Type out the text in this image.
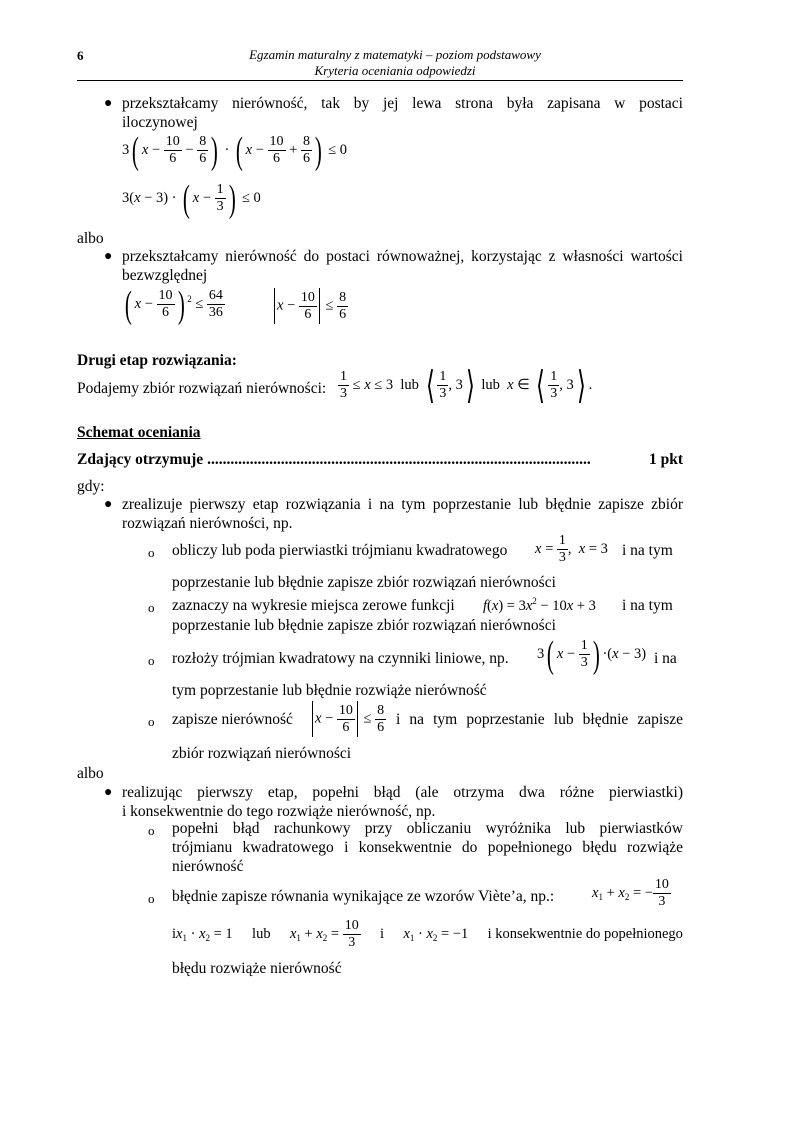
6	Egzamin maturalny z matematyki – poziom podstawowy
Kryteria oceniania odpowiedzi
● przekształcamy nierówność, tak by jej lewa strona była zapisana w postaci
iloczynowej
3( $x - \frac{10}{6} - \frac{8}{6}$ ) · ( $x - \frac{10}{6} + \frac{8}{6}$ ) ≤ 0
3(x − 3) · ( $x - \frac{1}{3}$ ) ≤ 0
albo
● przekształcamy nierówność do postaci równoważnej, korzystając z własności wartości
bezwzględnej
( $x - \frac{10}{6}$ ) $^2 \le \frac{64}{36}$	$x - \frac{10}{6} \le \frac{8}{6}$
Drugi etap rozwiązania:
Podajemy zbiór rozwiązań nierówności: $\frac{1}{3} \le x \le 3$  lub ⟨ $\frac{1}{3}$ , 3⟩ lub x ∈ ⟨ $\frac{1}{3}$ , 3⟩ .
Schemat oceniania
Zdający otrzymuje ...................................................................................................	1 pkt
gdy:
● zrealizuje pierwszy etap rozwiązania i na tym poprzestanie lub błędnie zapisze zbiór
rozwiązań nierówności, np.
o obliczy lub poda pierwiastki trójmianu kwadratowego $x = \frac{1}{3}$ ,  x = 3 i na tym
poprzestanie lub błędnie zapisze zbiór rozwiązań nierówności
o zaznaczy na wykresie miejsca zerowe funkcji $f(x) = 3x^2 - 10x + 3$ i na tym
poprzestanie lub błędnie zapisze zbiór rozwiązań nierówności
o rozłoży trójmian kwadratowy na czynniki liniowe, np. 3( $x - \frac{1}{3}$ ) ·(x − 3) i na
tym poprzestanie lub błędnie rozwiąże nierówność
o zapisze nierówność	$x - \frac{10}{6} \le \frac{8}{6}$ i na tym poprzestanie lub błędnie zapisze
zbiór rozwiązań nierówności
albo
● realizując pierwszy etap, popełni błąd (ale otrzyma dwa różne pierwiastki)
i konsekwentnie do tego rozwiąże nierówność, np.
o popełni błąd rachunkowy przy obliczaniu wyróżnika lub pierwiastków
trójmianu kwadratowego i konsekwentnie do popełnionego błędu rozwiąże
nierówność
o błędnie zapisze równania wynikające ze wzorów Viète’a, np.:	$x_1 + x_2$ = − $\frac{10}{3}$
$ix_1 \cdot x_2 = 1$ lub $x_1 + x_2 = \frac{10}{3}$ i $x_1 \cdot x_2 = -1$ i konsekwentnie do popełnionego
błędu rozwiąże nierówność
